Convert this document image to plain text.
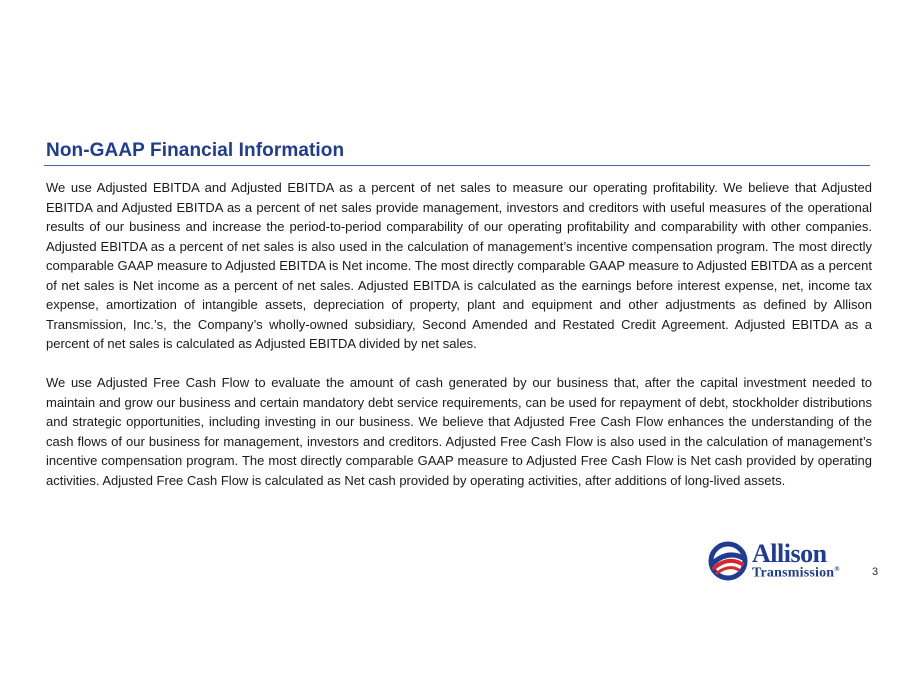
Non-GAAP Financial Information

We use Adjusted EBITDA and Adjusted EBITDA as a percent of net sales to measure our operating profitability. We believe that Adjusted EBITDA and Adjusted EBITDA as a percent of net sales provide management, investors and creditors with useful measures of the operational results of our business and increase the period-to-period comparability of our operating profitability and comparability with other companies. Adjusted EBITDA as a percent of net sales is also used in the calculation of management’s incentive compensation program. The most directly comparable GAAP measure to Adjusted EBITDA is Net income. The most directly comparable GAAP measure to Adjusted EBITDA as a percent of net sales is Net income as a percent of net sales. Adjusted EBITDA is calculated as the earnings before interest expense, net, income tax expense, amortization of intangible assets, depreciation of property, plant and equipment and other adjustments as defined by Allison Transmission, Inc.’s, the Company’s wholly-owned subsidiary, Second Amended and Restated Credit Agreement. Adjusted EBITDA as a percent of net sales is calculated as Adjusted EBITDA divided by net sales.

We use Adjusted Free Cash Flow to evaluate the amount of cash generated by our business that, after the capital investment needed to maintain and grow our business and certain mandatory debt service requirements, can be used for repayment of debt, stockholder distributions and strategic opportunities, including investing in our business. We believe that Adjusted Free Cash Flow enhances the understanding of the cash flows of our business for management, investors and creditors. Adjusted Free Cash Flow is also used in the calculation of management’s incentive compensation program. The most directly comparable GAAP measure to Adjusted Free Cash Flow is Net cash provided by operating activities. Adjusted Free Cash Flow is calculated as Net cash provided by operating activities, after additions of long-lived assets.

Allison
Transmission®	3
